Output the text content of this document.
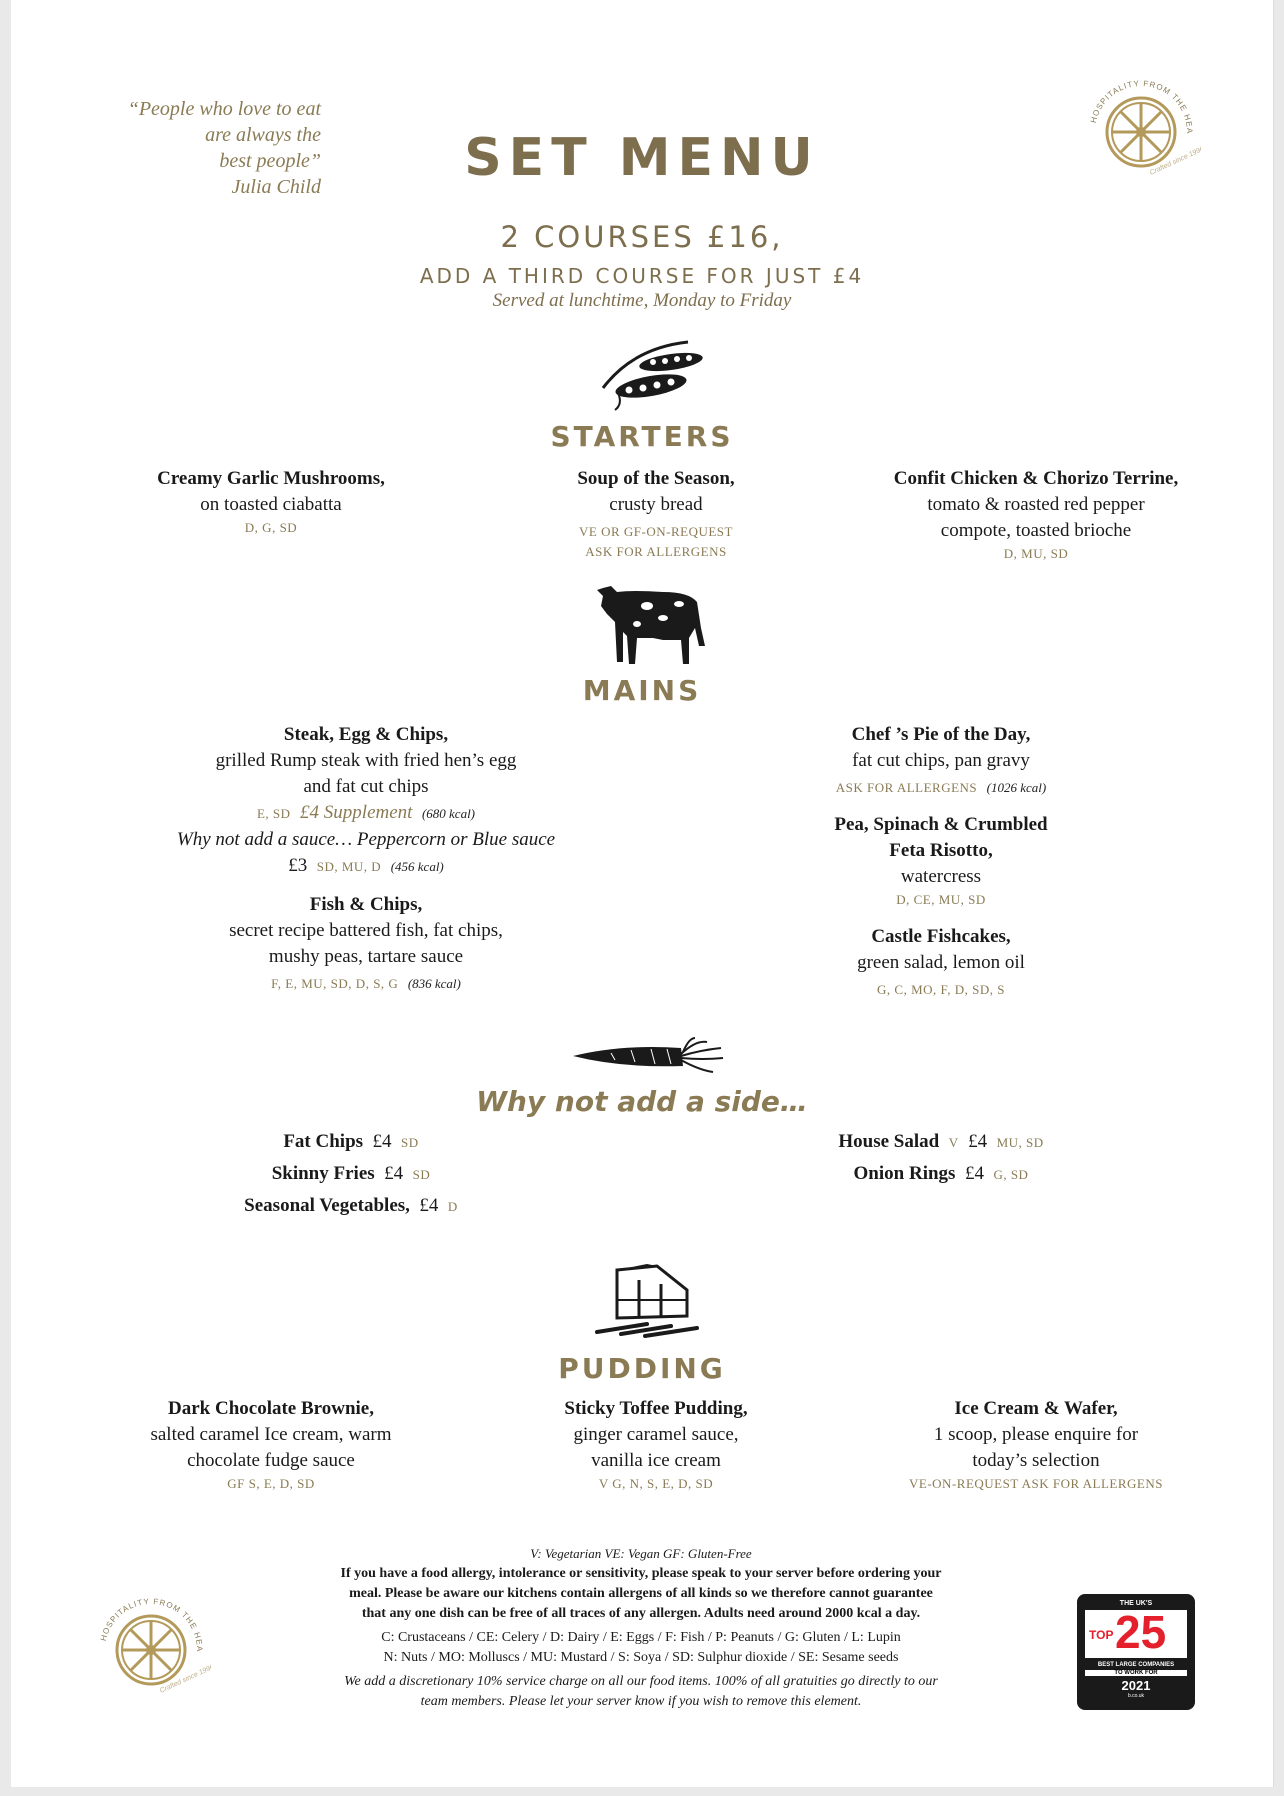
“People who love to eat
are always the
best people”
Julia Child
HOSPITALITY FROM THE HEA
Crafted since 1996
SET MENU
2 COURSES £16,
ADD A THIRD COURSE FOR JUST £4
Served at lunchtime, Monday to Friday
STARTERS
Creamy Garlic Mushrooms,
on toasted ciabatta
D, G, SD
Soup of the Season,
crusty bread
VE OR GF-ON-REQUEST
ASK FOR ALLERGENS
Confit Chicken & Chorizo Terrine,
tomato & roasted red pepper
compote, toasted brioche
D, MU, SD
MAINS
Steak, Egg & Chips,
grilled Rump steak with fried hen’s egg
and fat cut chips
E, SD £4 Supplement (680 kcal)
Why not add a sauce… Peppercorn or Blue sauce
£3 SD, MU, D (456 kcal)
Fish & Chips,
secret recipe battered fish, fat chips,
mushy peas, tartare sauce
F, E, MU, SD, D, S, G (836 kcal)
Chef ’s Pie of the Day,
fat cut chips, pan gravy
ASK FOR ALLERGENS (1026 kcal)
Pea, Spinach & Crumbled
Feta Risotto,
watercress
D, CE, MU, SD
Castle Fishcakes,
green salad, lemon oil
G, C, MO, F, D, SD, S
Why not add a side…
Fat Chips £4 SD
Skinny Fries £4 SD
Seasonal Vegetables, £4 D
House Salad V £4 MU, SD
Onion Rings £4 G, SD
PUDDING
Dark Chocolate Brownie,
salted caramel Ice cream, warm
chocolate fudge sauce
GF S, E, D, SD
Sticky Toffee Pudding,
ginger caramel sauce,
vanilla ice cream
V G, N, S, E, D, SD
Ice Cream & Wafer,
1 scoop, please enquire for
today’s selection
VE-ON-REQUEST ASK FOR ALLERGENS
V: Vegetarian VE: Vegan GF: Gluten-Free
If you have a food allergy, intolerance or sensitivity, please speak to your server before ordering your
meal. Please be aware our kitchens contain allergens of all kinds so we therefore cannot guarantee
that any one dish can be free of all traces of any allergen. Adults need around 2000 kcal a day.
C: Crustaceans / CE: Celery / D: Dairy / E: Eggs / F: Fish / P: Peanuts / G: Gluten / L: Lupin
N: Nuts / MO: Molluscs / MU: Mustard / S: Soya / SD: Sulphur dioxide / SE: Sesame seeds
We add a discretionary 10% service charge on all our food items. 100% of all gratuities go directly to our
team members. Please let your server know if you wish to remove this element.
HOSPITALITY FROM THE HEA
Crafted since 1996
THE UK'S
TOP 25
BEST LARGE COMPANIES
TO WORK FOR
2021
b.co.uk
